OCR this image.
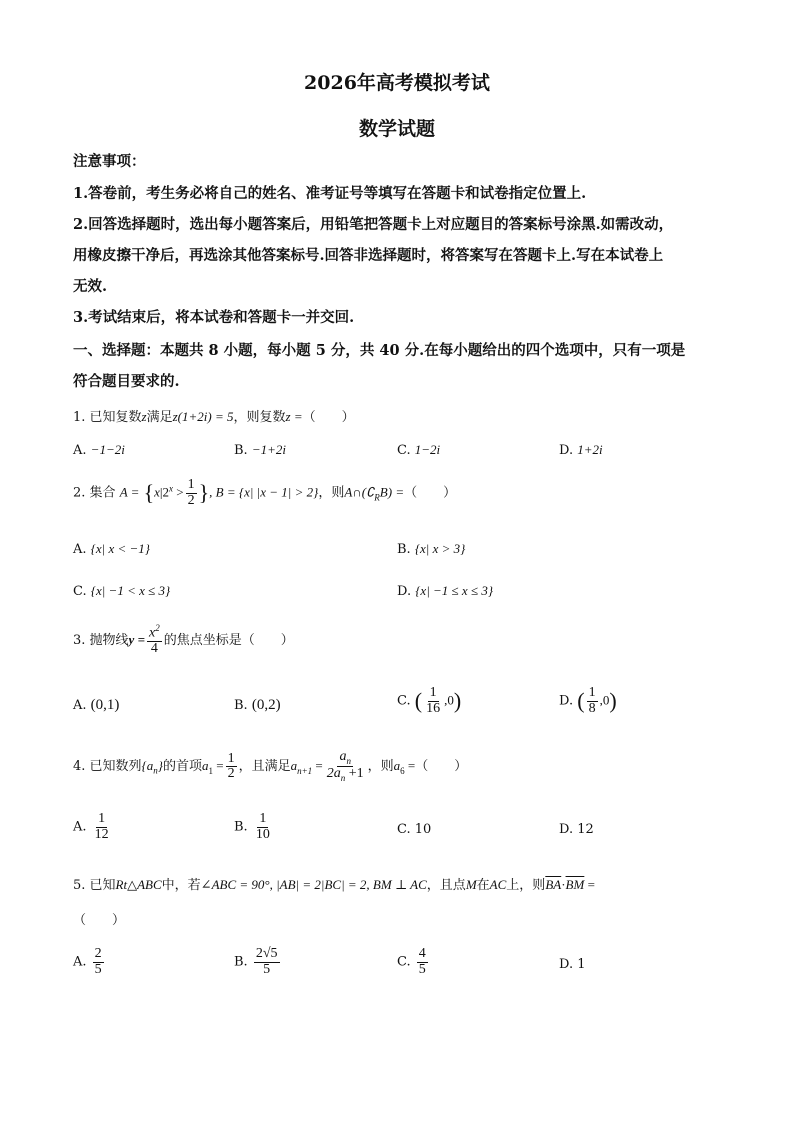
2026年高考模拟考试
数学试题
注意事项：
1.答卷前，考生务必将自己的姓名、准考证号等填写在答题卡和试卷指定位置上.
2.回答选择题时，选出每小题答案后，用铅笔把答题卡上对应题目的答案标号涂黑.如需改动，
用橡皮擦干净后，再选涂其他答案标号.回答非选择题时，将答案写在答题卡上.写在本试卷上
无效.
3.考试结束后，将本试卷和答题卡一并交回.
一、选择题：本题共 8 小题，每小题 5 分，共 40 分.在每小题给出的四个选项中，只有一项是
符合题目要求的.
1. 已知复数z满足z(1+2i) = 5，则复数z =（　　）
A. −1−2i	B. −1+2i	C. 1−2i	D. 1+2i
2. 集合 $A = \{x|2^x > \frac{1}{2}$ }, B = {x| |x − 1| > 2}，则$A\cap(∁_RB)$ =（　　）
A. {x| x < −1}	B. {x| x > 3}
C. {x| −1 < x ≤ 3}	D. {x| −1 ≤ x ≤ 3}
3. 抛物线$y = \frac{x^2}{4}$ 的焦点坐标是（　　）
A. (0,1)	B. (0,2)	C. ( $\frac{1}{16} ,0$)	D. ( $\frac{1}{8} ,0$)
4. 已知数列$\{a_n\}$的首项$a_1 = \frac{1}{2}$ ，且满足$a_{n+1} = \frac{a_n}{2a_n +1}$ ，则$a_6$ =（　　）
A. $\frac{1}{12}$	B. $\frac{1}{10}$	C. 10	D. 12
5. 已知Rt△ABC中，若∠ABC = 90°, |AB| = 2|BC| = 2, BM ⊥ AC，且点M在AC上，则$\overline{BA}\cdot\overline{BM}$ =
（　　）
A. $\frac{2}{5}$	B. $\frac{2√5}{5}$	C. $\frac{4}{5}$	D. 1
